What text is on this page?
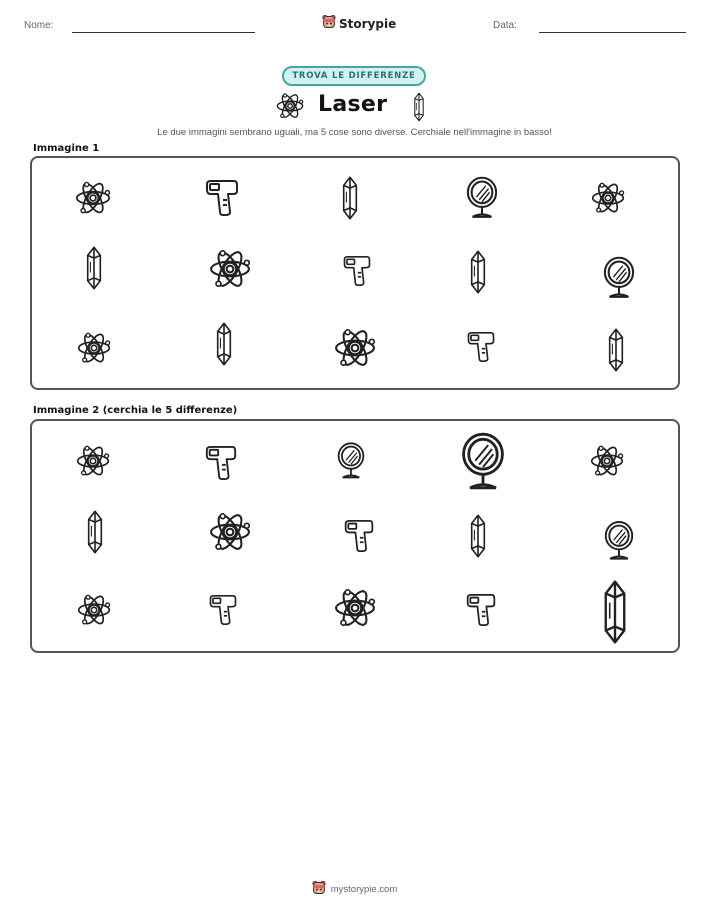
Nome:	Storypie	Data:
TROVA LE DIFFERENZE
Laser
Le due immagini sembrano uguali, ma 5 cose sono diverse. Cerchiale nell'immagine in basso!
Immagine 1
Immagine 2 (cerchia le 5 differenze)
mystorypie.com
